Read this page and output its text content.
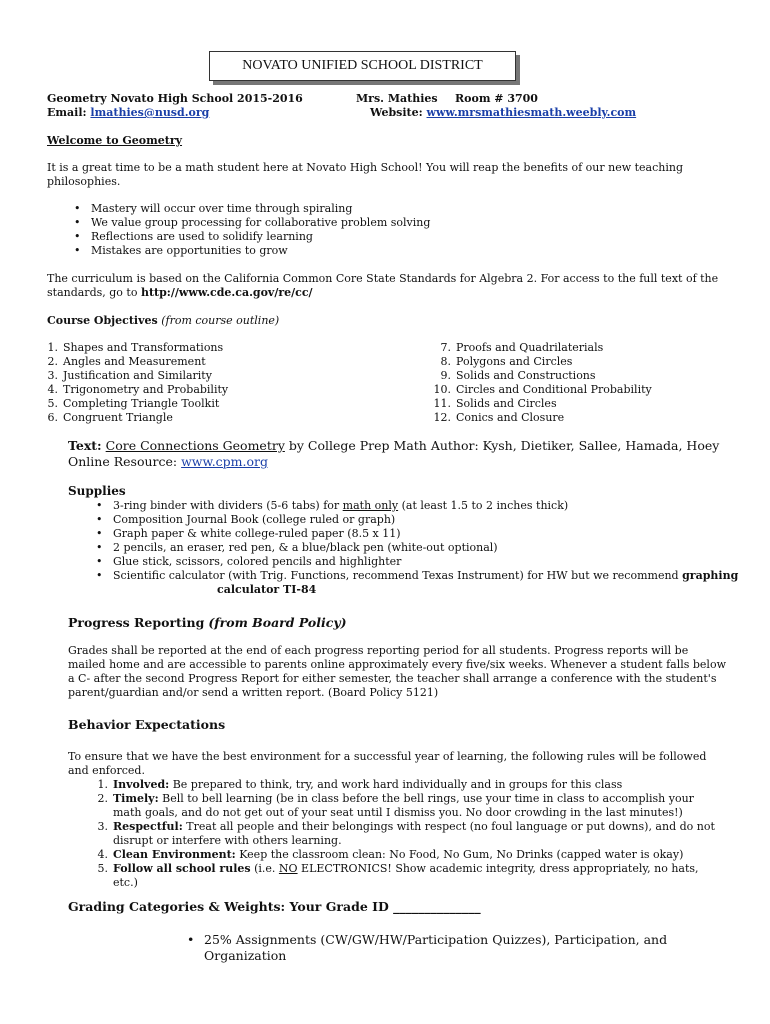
NOVATO UNIFIED SCHOOL DISTRICT
Geometry Novato High School 2015-2016
Email: lmathies@nusd.org
Mrs. Mathies Room # 3700
Website: www.mrsmathiesmath.weebly.com
Welcome to Geometry
It is a great time to be a math student here at Novato High School! You will reap the benefits of our new teaching philosophies.
• Mastery will occur over time through spiraling
• We value group processing for collaborative problem solving
• Reflections are used to solidify learning
• Mistakes are opportunities to grow
The curriculum is based on the California Common Core State Standards for Algebra 2. For access to the full text of the standards, go to http://www.cde.ca.gov/re/cc/
Course Objectives (from course outline)
1. Shapes and Transformations
2. Angles and Measurement
3. Justification and Similarity
4. Trigonometry and Probability
5. Completing Triangle Toolkit
6. Congruent Triangle
7. Proofs and Quadrilaterials
8. Polygons and Circles
9. Solids and Constructions
10. Circles and Conditional Probability
11. Solids and Circles
12. Conics and Closure
Text: Core Connections Geometry by College Prep Math Author: Kysh, Dietiker, Sallee, Hamada, Hoey
Online Resource: www.cpm.org
Supplies
• 3-ring binder with dividers (5-6 tabs) for math only (at least 1.5 to 2 inches thick)
• Composition Journal Book (college ruled or graph)
• Graph paper & white college-ruled paper (8.5 x 11)
• 2 pencils, an eraser, red pen, & a blue/black pen (white-out optional)
• Glue stick, scissors, colored pencils and highlighter
• Scientific calculator (with Trig. Functions, recommend Texas Instrument) for HW but we recommend graphing
calculator TI-84
Progress Reporting (from Board Policy)
Grades shall be reported at the end of each progress reporting period for all students. Progress reports will be mailed home and are accessible to parents online approximately every five/six weeks. Whenever a student falls below a C- after the second Progress Report for either semester, the teacher shall arrange a conference with the student's parent/guardian and/or send a written report. (Board Policy 5121)
Behavior Expectations
To ensure that we have the best environment for a successful year of learning, the following rules will be followed and enforced.
1. Involved: Be prepared to think, try, and work hard individually and in groups for this class
2. Timely: Bell to bell learning (be in class before the bell rings, use your time in class to accomplish your math goals, and do not get out of your seat until I dismiss you. No door crowding in the last minutes!)
3. Respectful: Treat all people and their belongings with respect (no foul language or put downs), and do not disrupt or interfere with others learning.
4. Clean Environment: Keep the classroom clean: No Food, No Gum, No Drinks (capped water is okay)
5. Follow all school rules (i.e. NO ELECTRONICS! Show academic integrity, dress appropriately, no hats, etc.)
Grading Categories & Weights: Your Grade ID ______________
• 25% Assignments (CW/GW/HW/Participation Quizzes), Participation, and Organization
